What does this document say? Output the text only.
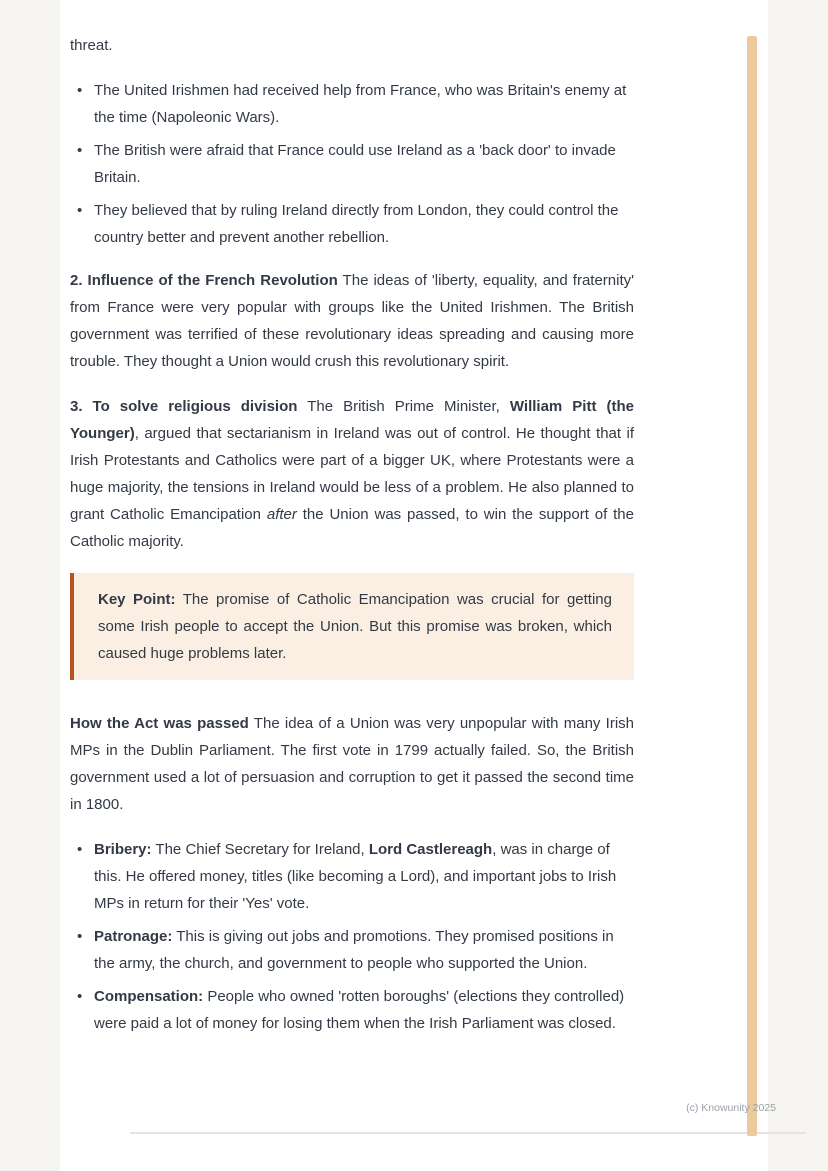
threat.

• The United Irishmen had received help from France, who was Britain's enemy at the time (Napoleonic Wars).
• The British were afraid that France could use Ireland as a 'back door' to invade Britain.
• They believed that by ruling Ireland directly from London, they could control the country better and prevent another rebellion.

2. Influence of the French Revolution The ideas of 'liberty, equality, and fraternity' from France were very popular with groups like the United Irishmen. The British government was terrified of these revolutionary ideas spreading and causing more trouble. They thought a Union would crush this revolutionary spirit.

3. To solve religious division The British Prime Minister, William Pitt (the Younger), argued that sectarianism in Ireland was out of control. He thought that if Irish Protestants and Catholics were part of a bigger UK, where Protestants were a huge majority, the tensions in Ireland would be less of a problem. He also planned to grant Catholic Emancipation after the Union was passed, to win the support of the Catholic majority.

Key Point: The promise of Catholic Emancipation was crucial for getting some Irish people to accept the Union. But this promise was broken, which caused huge problems later.

How the Act was passed The idea of a Union was very unpopular with many Irish MPs in the Dublin Parliament. The first vote in 1799 actually failed. So, the British government used a lot of persuasion and corruption to get it passed the second time in 1800.

• Bribery: The Chief Secretary for Ireland, Lord Castlereagh, was in charge of this. He offered money, titles (like becoming a Lord), and important jobs to Irish MPs in return for their 'Yes' vote.
• Patronage: This is giving out jobs and promotions. They promised positions in the army, the church, and government to people who supported the Union.
• Compensation: People who owned 'rotten boroughs' (elections they controlled) were paid a lot of money for losing them when the Irish Parliament was closed.
(c) Knowunity 2025
